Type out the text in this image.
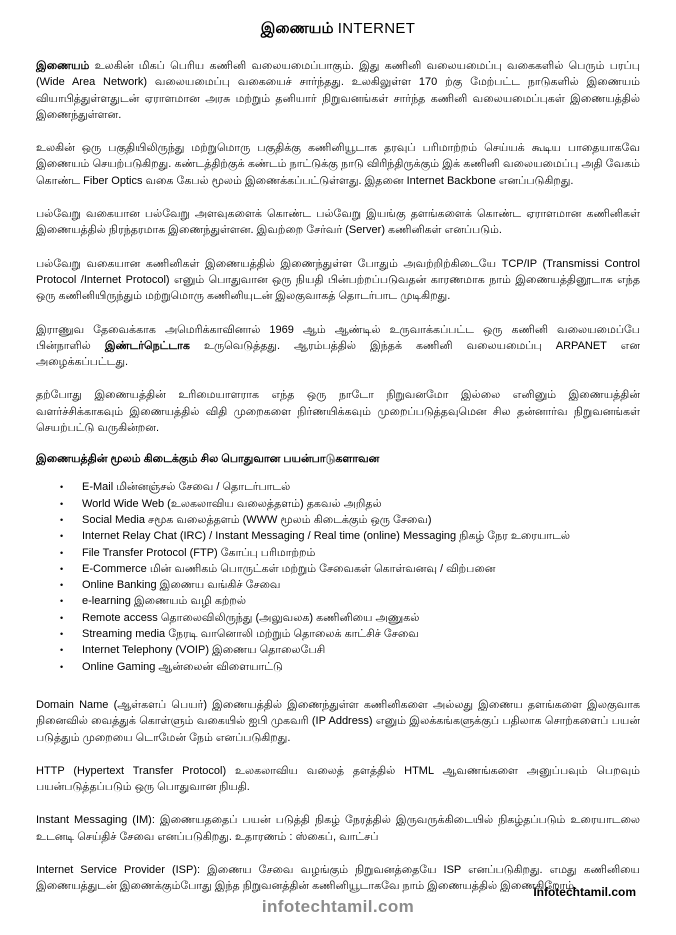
இணையம் INTERNET

இணையம் உலகின் மிகப் பெரிய கணினி வலையமைப்பாகும். இது கணினி வலையமைப்பு வகைகளில் பெரும் பரப்பு (Wide Area Network) வலையமைப்பு வகையைச் சார்ந்தது. உலகிலுள்ள 170 ற்கு மேற்பட்ட நாடுகளில் இணையம் வியாபித்துள்ளதுடன் ஏராளமான அரசு மற்றும் தனியார் நிறுவனங்கள் சார்ந்த கணினி வலையமைப்புகள் இணையத்தில் இணைந்துள்ளன.

உலகின் ஒரு பகுதியிலிருந்து மற்றுமொரு பகுதிக்கு கணினியூடாக தரவுப் பரிமாற்றம் செய்யக் கூடிய பாதையாகவே இணையம் செயற்படுகிறது. கண்டத்திற்குக் கண்டம் நாட்டுக்கு நாடு விரிந்திருக்கும் இக் கணினி வலையமைப்பு அதி வேகம் கொண்ட Fiber Optics வகை கேபல் மூலம் இணைக்கப்பட்டுள்ளது. இதனை Internet Backbone எனப்படுகிறது.

பல்வேறு வகையான பல்வேறு அளவுகளைக் கொண்ட பல்வேறு இயங்கு தளங்களைக் கொண்ட ஏராளமான கணினிகள் இணையத்தில் நிரந்தரமாக இணைந்துள்ளன. இவற்றை சேர்வர் (Server) கணினிகள் எனப்படும்.

பல்வேறு வகையான கணினிகள் இணையத்தில் இணைந்துள்ள போதும் அவற்றிற்கிடையே TCP/IP (Transmissi Control Protocol /Internet Protocol) எனும் பொதுவான ஒரு நியதி பின்பற்றப்படுவதன் காரணமாக நாம் இணையத்தினூடாக எந்த ஒரு கணினியிருந்தும் மற்றுமொரு கணினியுடன் இலகுவாகத் தொடர்பாட முடிகிறது.

இராணுவ தேவைக்காக அமெரிக்காவினால் 1969 ஆம் ஆண்டில் உருவாக்கப்பட்ட ஒரு கணினி வலையமைப்பே பின்நாளில் இண்டர்நெட்டாக உருவெடுத்தது. ஆரம்பத்தில் இந்தக் கணினி வலையமைப்பு ARPANET என அழைக்கப்பட்டது.

தற்போது இணையத்தின் உரிமையாளராக எந்த ஒரு நாடோ நிறுவனமோ இல்லை எனினும் இணையத்தின் வளர்ச்சிக்காகவும் இணையத்தில் விதி முறைகளை நிர்ணயிக்கவும் முறைப்படுத்தவுமென சில தன்னார்வ நிறுவனங்கள் செயற்பட்டு வருகின்றன.

இணையத்தின் மூலம் கிடைக்கும் சில பொதுவான பயன்பாடுகளாவன
• E-Mail மின்னஞ்சல் சேவை / தொடர்பாடல்
• World Wide Web (உலகலாவிய வலைத்தளம்) தகவல் அறிதல்
• Social Media சமூக வலைத்தளம் (WWW மூலம் கிடைக்கும் ஒரு சேவை)
• Internet Relay Chat (IRC) / Instant Messaging / Real time (online) Messaging நிகழ் நேர உரையாடல்
• File Transfer Protocol (FTP) கோப்பு பரிமாற்றம்
• E-Commerce மின் வணிகம் பொருட்கள் மற்றும் சேவைகள் கொள்வனவு / விற்பனை
• Online Banking இணைய வங்கிச் சேவை
• e-learning இணையம் வழி கற்றல்
• Remote access தொலைவிலிருந்து (அலுவலக) கணினியை அணுகல்
• Streaming media நேரடி வானொலி மற்றும் தொலைக் காட்சிச் சேவை
• Internet Telephony (VOIP) இணைய தொலைபேசி
• Online Gaming ஆன்லைன் விளையாட்டு

Domain Name (ஆள்களப் பெயர்) இணையத்தில் இணைந்துள்ள கணினிகளை அல்லது இணைய தளங்களை இலகுவாக நினைவில் வைத்துக் கொள்ளும் வகையில் ஐபி முகவரி (IP Address) எனும் இலக்கங்களுக்குப் பதிலாக சொற்களைப் பயன் படுத்தும் முறையை டொமேன் நேம் எனப்படுகிறது.

HTTP (Hypertext Transfer Protocol) உலகலாவிய வலைத் தளத்தில் HTML ஆவணங்களை அனுப்பவும் பெறவும் பயன்படுத்தப்படும் ஒரு பொதுவான நியதி.

Instant Messaging (IM): இணையததைப் பயன் படுத்தி நிகழ் நேரத்தில் இருவருக்கிடையில் நிகழ்தப்படும் உரையாடலை உடனடி செய்திச் சேவை எனப்படுகிறது. உதாரணம் : ஸ்கைப், வாட்சப்

Internet Service Provider (ISP): இணைய சேவை வழங்கும் நிறுவனத்தையே ISP எனப்படுகிறது. எமது கணினியை இணையத்துடன் இணைக்கும்போது இந்த நிறுவனத்தின் கணினியூடாகவே நாம் இணையத்தில் இணைகிறோம்.

Infotechtamil.com
infotechtamil.com
